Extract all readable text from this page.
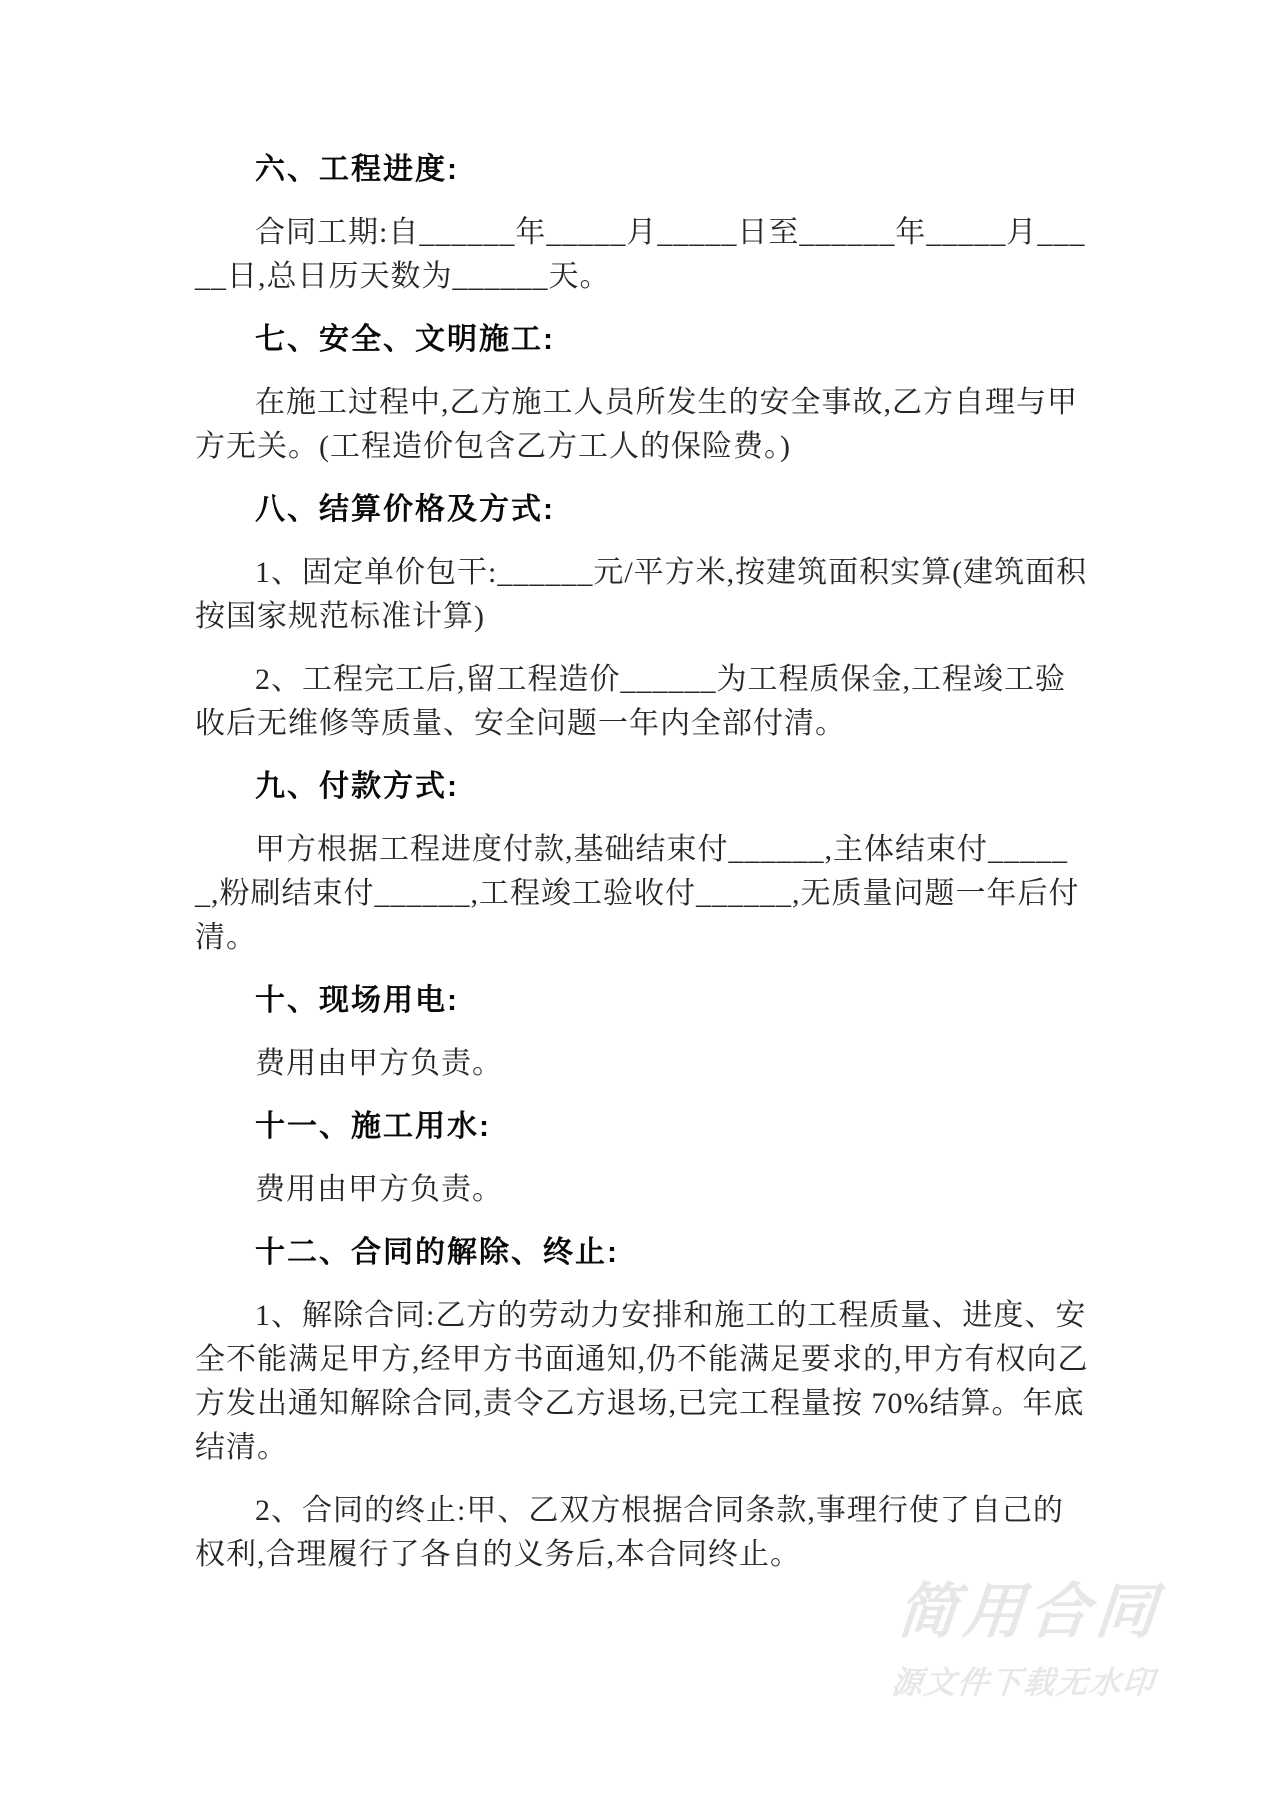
六、工程进度:
合同工期:自______年_____月_____日至______年_____月_____日,总日历天数为______天。
七、安全、文明施工:
在施工过程中,乙方施工人员所发生的安全事故,乙方自理与甲方无关。(工程造价包含乙方工人的保险费。)
八、结算价格及方式:
1、固定单价包干:______元/平方米,按建筑面积实算(建筑面积按国家规范标准计算)
2、工程完工后,留工程造价______为工程质保金,工程竣工验收后无维修等质量、安全问题一年内全部付清。
九、付款方式:
甲方根据工程进度付款,基础结束付______,主体结束付______,粉刷结束付______,工程竣工验收付______,无质量问题一年后付清。
十、现场用电:
费用由甲方负责。
十一、施工用水:
费用由甲方负责。
十二、合同的解除、终止:
1、解除合同:乙方的劳动力安排和施工的工程质量、进度、安全不能满足甲方,经甲方书面通知,仍不能满足要求的,甲方有权向乙方发出通知解除合同,责令乙方退场,已完工程量按 70%结算。年底结清。
2、合同的终止:甲、乙双方根据合同条款,事理行使了自己的权利,合理履行了各自的义务后,本合同终止。
简用合同
源文件下载无水印
